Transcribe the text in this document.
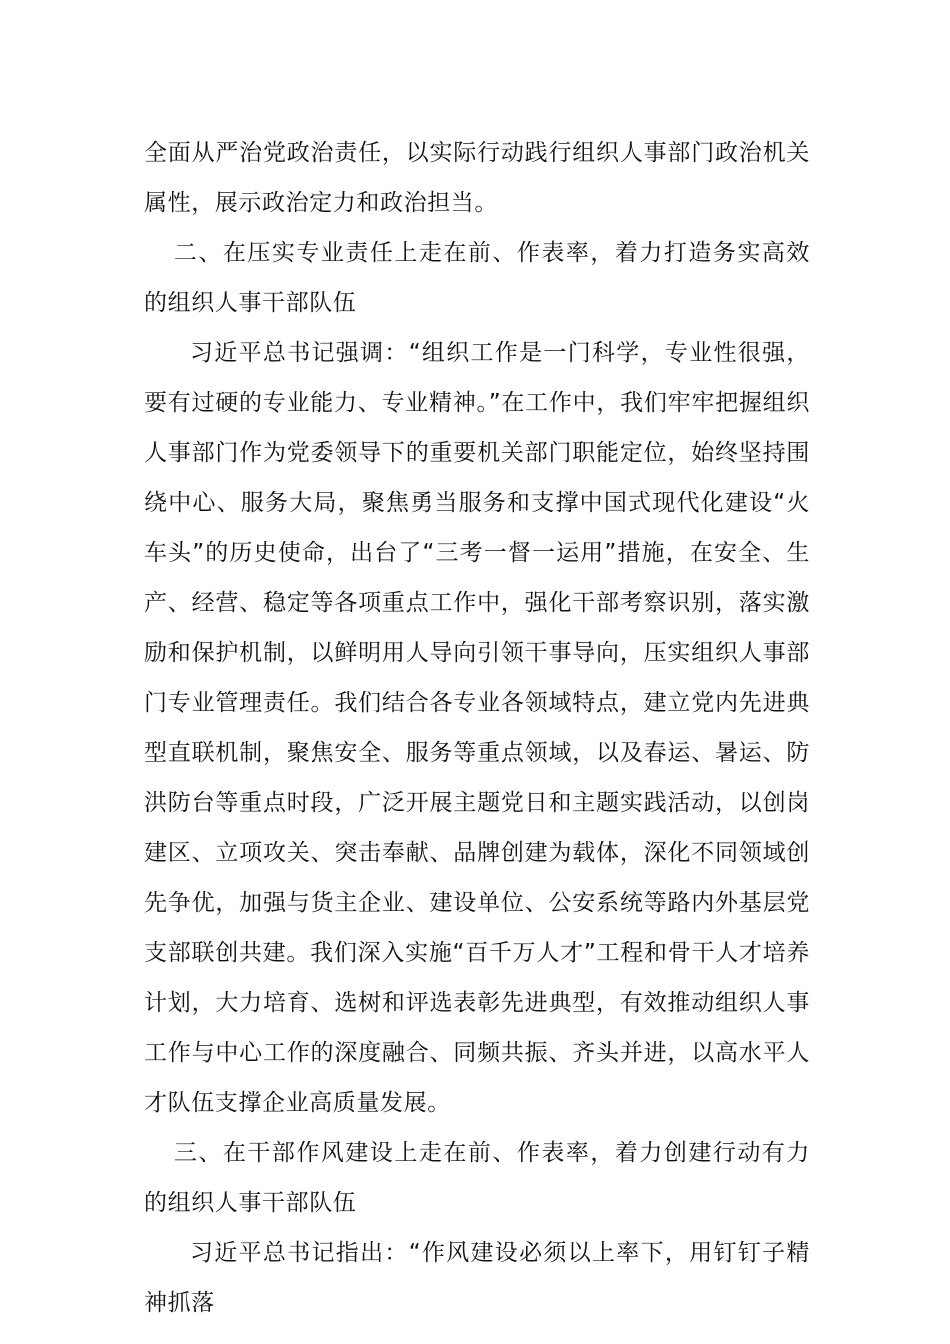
全面从严治党政治责任，以实际行动践行组织人事部门政治机关属性，展示政治定力和政治担当。

二、在压实专业责任上走在前、作表率，着力打造务实高效的组织人事干部队伍

习近平总书记强调：“组织工作是一门科学，专业性很强，要有过硬的专业能力、专业精神。”在工作中，我们牢牢把握组织人事部门作为党委领导下的重要机关部门职能定位，始终坚持围绕中心、服务大局，聚焦勇当服务和支撑中国式现代化建设“火车头”的历史使命，出台了“三考一督一运用”措施，在安全、生产、经营、稳定等各项重点工作中，强化干部考察识别，落实激励和保护机制，以鲜明用人导向引领干事导向，压实组织人事部门专业管理责任。我们结合各专业各领域特点，建立党内先进典型直联机制，聚焦安全、服务等重点领域，以及春运、暑运、防洪防台等重点时段，广泛开展主题党日和主题实践活动，以创岗建区、立项攻关、突击奉献、品牌创建为载体，深化不同领域创先争优，加强与货主企业、建设单位、公安系统等路内外基层党支部联创共建。我们深入实施“百千万人才”工程和骨干人才培养计划，大力培育、选树和评选表彰先进典型，有效推动组织人事工作与中心工作的深度融合、同频共振、齐头并进，以高水平人才队伍支撑企业高质量发展。

三、在干部作风建设上走在前、作表率，着力创建行动有力的组织人事干部队伍

习近平总书记指出：“作风建设必须以上率下，用钉钉子精神抓落
